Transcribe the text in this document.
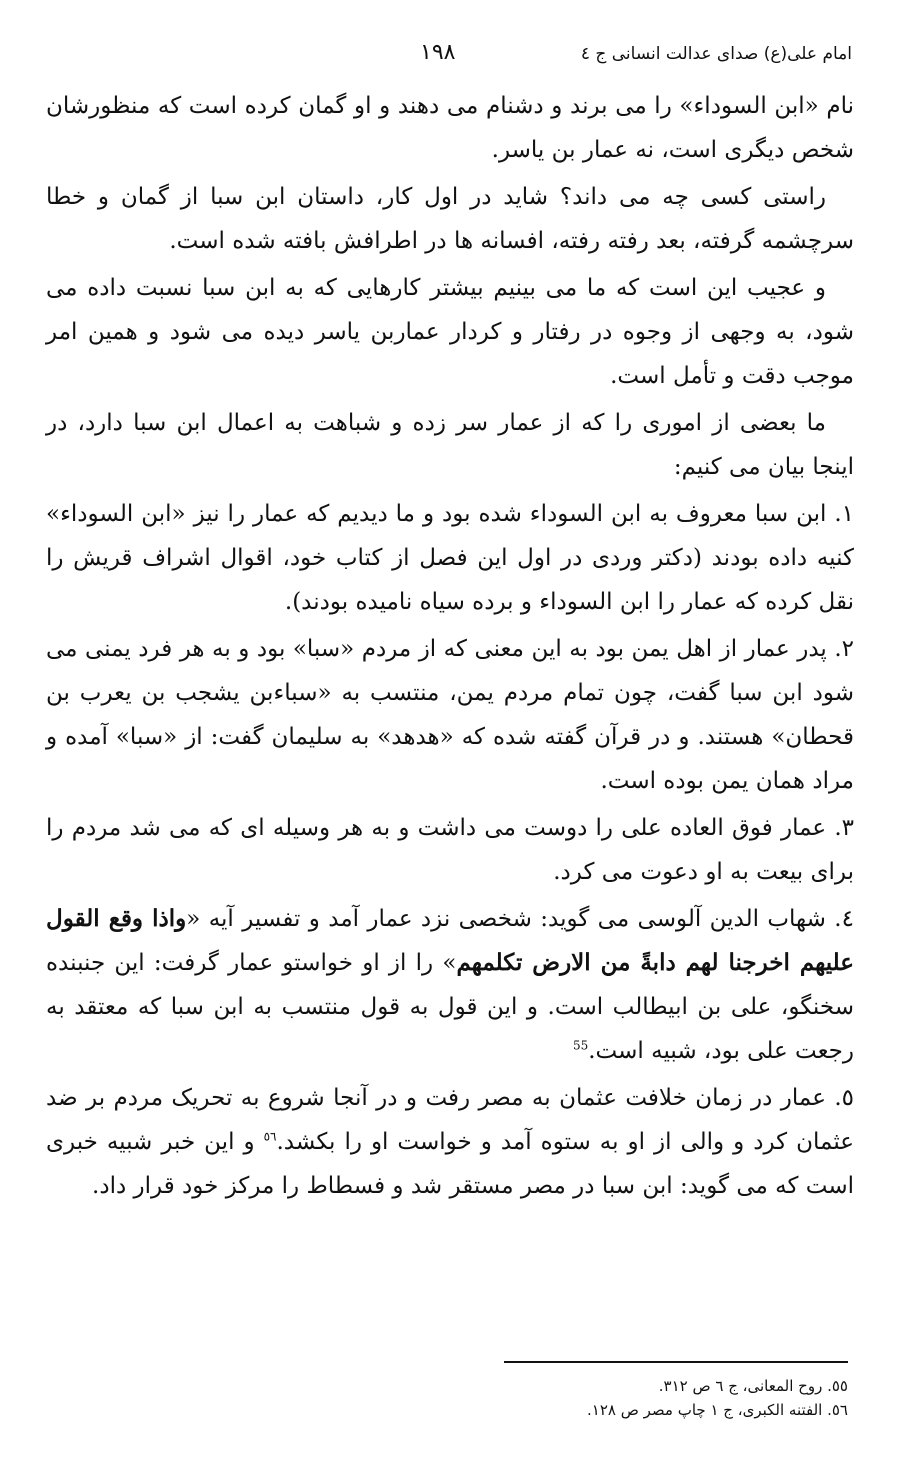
امام علی(ع) صدای عدالت انسانی ج ٤
١٩٨

نام «ابن السوداء» را می برند و دشنام می دهند و او گمان کرده است که منظورشان شخص دیگری است، نه عمار بن یاسر.

راستی کسی چه می داند؟ شاید در اول کار، داستان ابن سبا از گمان و خطا سرچشمه گرفته، بعد رفته رفته، افسانه ها در اطرافش بافته شده است.

و عجیب این است که ما می بینیم بیشتر کارهایی که به ابن سبا نسبت داده می شود، به وجهی از وجوه در رفتار و کردار عماربن یاسر دیده می شود و همین امر موجب دقت و تأمل است.

ما بعضی از اموری را که از عمار سر زده و شباهت به اعمال ابن سبا دارد، در اینجا بیان می کنیم:

١. ابن سبا معروف به ابن السوداء شده بود و ما دیدیم که عمار را نیز «ابن السوداء» کنیه داده بودند (دکتر وردی در اول این فصل از کتاب خود، اقوال اشراف قریش را نقل کرده که عمار را ابن السوداء و برده سیاه نامیده بودند).

٢. پدر عمار از اهل یمن بود به این معنی که از مردم «سبا» بود و به هر فرد یمنی می شود ابن سبا گفت، چون تمام مردم یمن، منتسب به «سباءبن یشجب بن یعرب بن قحطان» هستند. و در قرآن گفته شده که «هدهد» به سلیمان گفت: از «سبا» آمده و مراد همان یمن بوده است.

٣. عمار فوق العاده علی را دوست می داشت و به هر وسیله ای که می شد مردم را برای بیعت به او دعوت می کرد.

٤. شهاب الدین آلوسی می گوید: شخصی نزد عمار آمد و تفسیر آیه «واذا وقع القول علیهم اخرجنا لهم دابةً من الارض تکلمهم» را از او خواستو عمار گرفت: این جنبنده سخنگو، علی بن ابیطالب است. و این قول به قول منتسب به ابن سبا که معتقد به رجعت علی بود، شبیه است.$^{55}$

٥. عمار در زمان خلافت عثمان به مصر رفت و در آنجا شروع به تحریک مردم بر ضد عثمان کرد و والی از او به ستوه آمد و خواست او را بکشد.$^{٥٦}$ و این خبر شبیه خبری است که می گوید: ابن سبا در مصر مستقر شد و فسطاط را مرکز خود قرار داد.

٥٥. روح المعانی، ج ٦ ص ٣١٢.

٥٦. الفتنه الکبری، ج ١ چاپ مصر ص ١٢٨.
